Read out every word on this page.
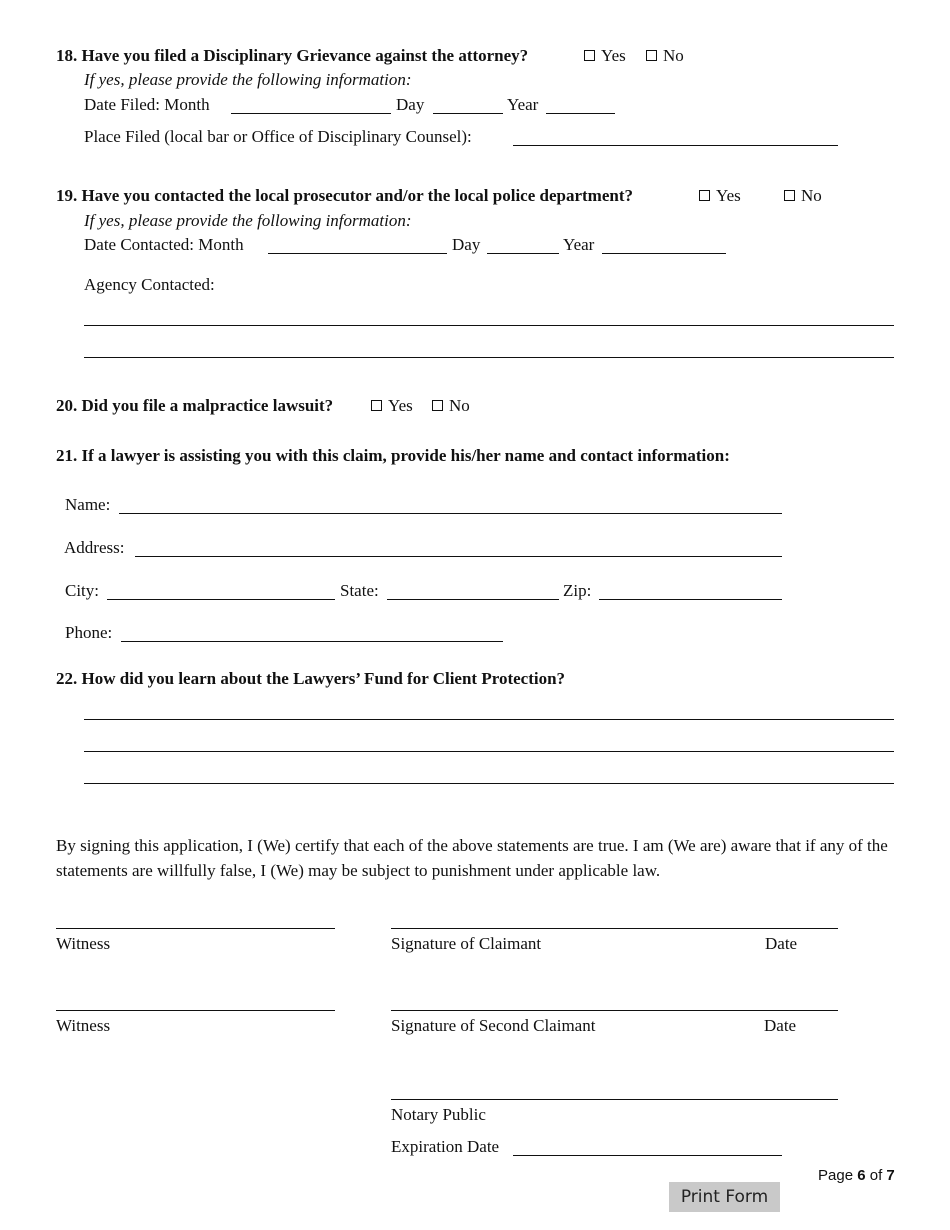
18. Have you filed a Disciplinary Grievance against the attorney?	Yes	No
If yes, please provide the following information:
Date Filed: Month	Day	Year
Place Filed (local bar or Office of Disciplinary Counsel):
19. Have you contacted the local prosecutor and/or the local police department?	Yes	No
If yes, please provide the following information:
Date Contacted: Month	Day	Year
Agency Contacted:
20. Did you file a malpractice lawsuit?	Yes	No
21. If a lawyer is assisting you with this claim, provide his/her name and contact information:
Name:
Address:
City:	State:	Zip:
Phone:
22. How did you learn about the Lawyers’ Fund for Client Protection?
By signing this application, I (We) certify that each of the above statements are true. I am (We are) aware that if any of the statements are willfully false, I (We) may be subject to punishment under applicable law.
Witness	Signature of Claimant	Date
Witness	Signature of Second Claimant	Date
Notary Public
Expiration Date
Page 6 of 7
Print Form
